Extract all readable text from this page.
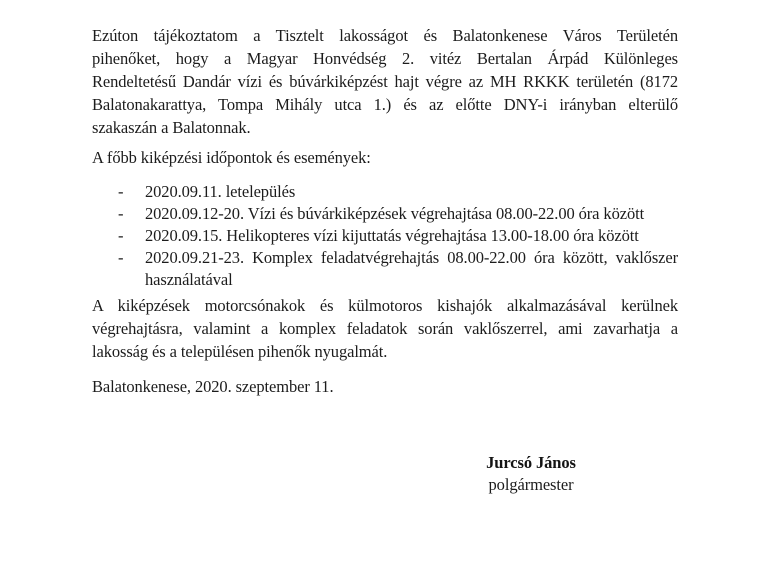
Ezúton tájékoztatom a Tisztelt lakosságot és Balatonkenese Város Területén
pihenőket, hogy a Magyar Honvédség 2. vitéz Bertalan Árpád Különleges
Rendeltetésű Dandár vízi és búvárkiképzést hajt végre az MH RKKK területén (8172
Balatonakarattya, Tompa Mihály utca 1.) és az előtte DNY-i irányban elterülő
szakaszán a Balatonnak.
A főbb kiképzési időpontok és események:
- 2020.09.11. letelepülés
- 2020.09.12-20. Vízi és búvárkiképzések végrehajtása 08.00-22.00 óra között
- 2020.09.15. Helikopteres vízi kijuttatás végrehajtása 13.00-18.00 óra között
- 2020.09.21-23. Komplex feladatvégrehajtás 08.00-22.00 óra között, vaklőszer
használatával
A kiképzések motorcsónakok és külmotoros kishajók alkalmazásával kerülnek
végrehajtásra, valamint a komplex feladatok során vaklőszerrel, ami zavarhatja a
lakosság és a településen pihenők nyugalmát.
Balatonkenese, 2020. szeptember 11.
Jurcsó János
polgármester
